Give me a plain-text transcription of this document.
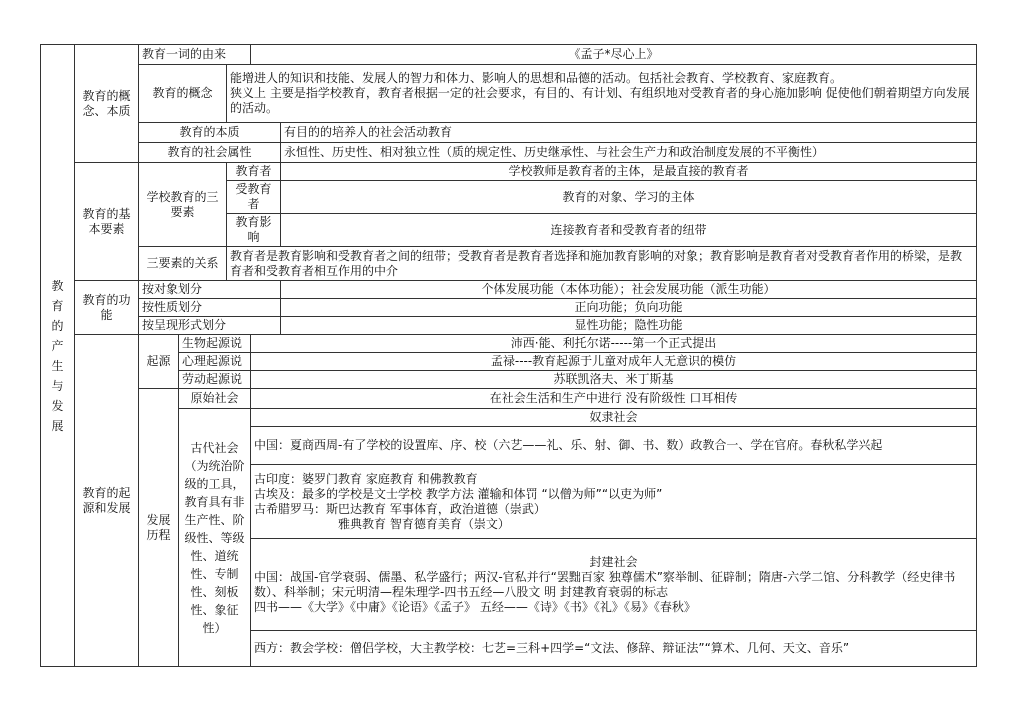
教育的产生与发展	教育的概念、本质	教育一词的由来			《孟子*尽心上》	
		教育的概念		能增进人的知识和技能、发展人的智力和体力、影响人的思想和品德的活动。包括社会教育、学校教育、家庭教育。
狭义上 主要是指学校教育，教育者根据一定的社会要求，有目的、有计划、有组织地对受教育者的身心施加影响 促使他们朝着期望方向发展的活动。		

		教育的本质				有目的的培养人的社会活动教育
		教育的社会属性				永恒性、历史性、相对独立性（质的规定性、历史继承性、与社会生产力和政治制度发展的不平衡性）
	教育的基本要素	学校教育的三要素		教育者		学校教师是教育者的主体，是最直接的教育者
				受教育者		教育的对象、学习的主体
				教育影响		连接教育者和受教育者的纽带
		三要素的关系		教育者是教育影响和受教育者之间的纽带；受教育者是教育者选择和施加教育影响的对象；教育影响是教育者对受教育者作用的桥梁，是教育者和受教育者相互作用的中介		
	教育的功能	按对象划分				个体发展功能（本体功能）；社会发展功能（派生功能）
		按性质划分				正向功能；负向功能
		按呈现形式划分				显性功能；隐性功能
	教育的起源和发展	起源	生物起源说		沛西·能、利托尔诺-----第一个正式提出	
			心理起源说		孟禄----教育起源于儿童对成年人无意识的模仿	
			劳动起源说		苏联凯洛夫、米丁斯基	
		发展历程	原始社会		在社会生活和生产中进行 没有阶级性 口耳相传	
			古代社会（为统治阶级的工具，教育具有非生产性、阶级性、等级性、道统性、专制性、刻板性、象征性）		奴隶社会	
					中国：夏商西周-有了学校的设置库、序、校（六艺——礼、乐、射、御、书、数）政教合一、学在官府。春秋私学兴起	

					古印度：婆罗门教育 家庭教育 和佛教教育
古埃及：最多的学校是文士学校 教学方法 灌输和体罚 “以僧为师”“以吏为师”
古希腊罗马：斯巴达教育 军事体育，政治道德（崇武）
雅典教育 智育德育美育（崇文）	

					封建社会
中国：战国-官学衰弱、儒墨、私学盛行；两汉-官私并行“罢黜百家 独尊儒术”察举制、征辟制；隋唐-六学二馆、分科教学（经史律书数）、科举制；宋元明清—程朱理学-四书五经—八股文 明 封建教育衰弱的标志
四书——《大学》《中庸》《论语》《孟子》 五经——《诗》《书》《礼》《易》《春秋》	

					西方：教会学校：僧侣学校，大主教学校：七艺=三科+四学=“文法、修辞、辩证法”“算术、几何、天文、音乐”	
